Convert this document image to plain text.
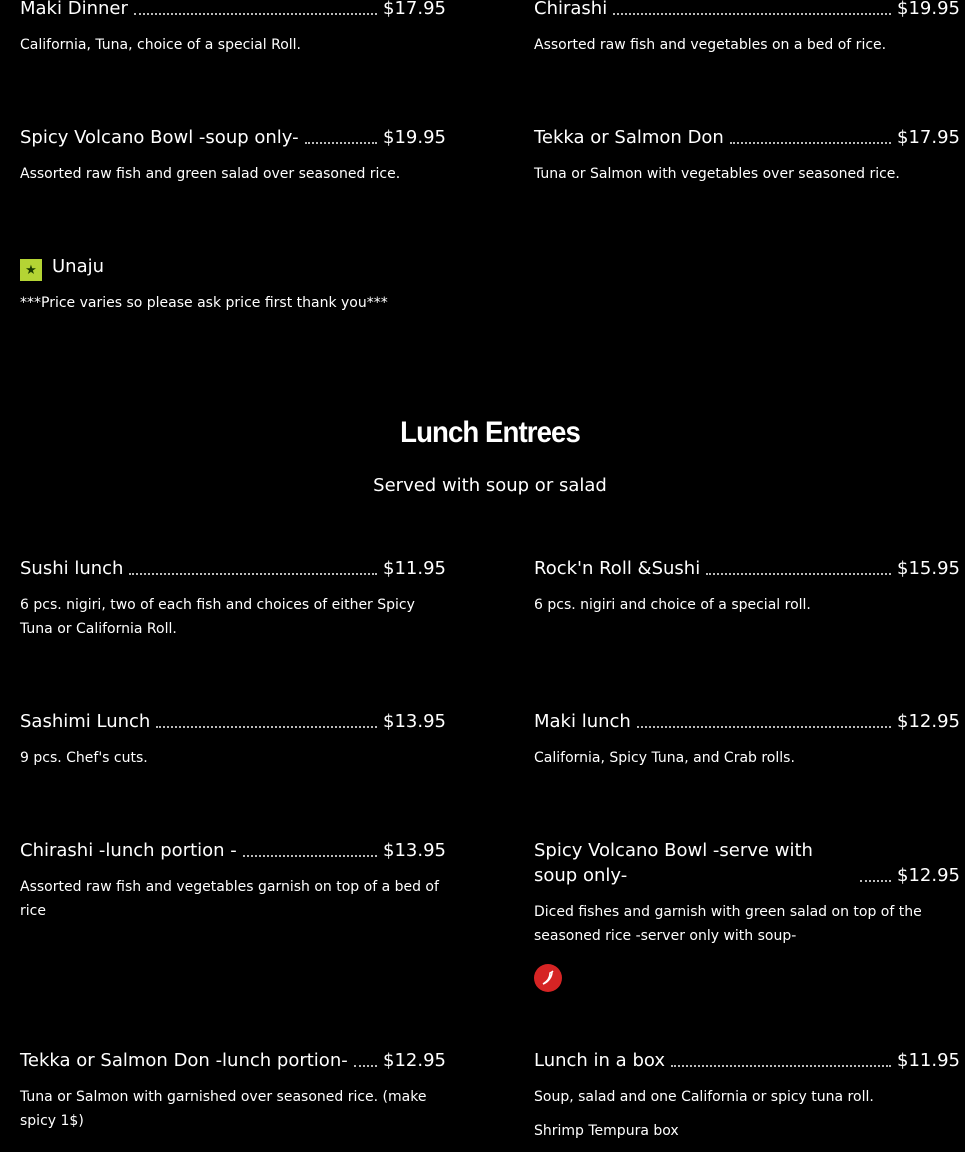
Maki Dinner	$17.95
California, Tuna, choice of a special Roll.
Chirashi	$19.95
Assorted raw fish and vegetables on a bed of rice.
Spicy Volcano Bowl -soup only-	$19.95
Assorted raw fish and green salad over seasoned rice.
Tekka or Salmon Don	$17.95
Tuna or Salmon with vegetables over seasoned rice.
★ Unaju
***Price varies so please ask price first thank you***
Lunch Entrees
Served with soup or salad
Sushi lunch	$11.95
6 pcs. nigiri, two of each fish and choices of either Spicy Tuna or California Roll.
Rock'n Roll &Sushi	$15.95
6 pcs. nigiri and choice of a special roll.
Sashimi Lunch	$13.95
9 pcs. Chef's cuts.
Maki lunch	$12.95
California, Spicy Tuna, and Crab rolls.
Chirashi -lunch portion -	$13.95
Assorted raw fish and vegetables garnish on top of a bed of rice
Spicy Volcano Bowl -serve with soup only-	$12.95
Diced fishes and garnish with green salad on top of the seasoned rice -server only with soup-
Tekka or Salmon Don -lunch portion- $12.95
Tuna or Salmon with garnished over seasoned rice. (make spicy 1$)
Lunch in a box	$11.95
Soup, salad and one California or spicy tuna roll.
Shrimp Tempura box
